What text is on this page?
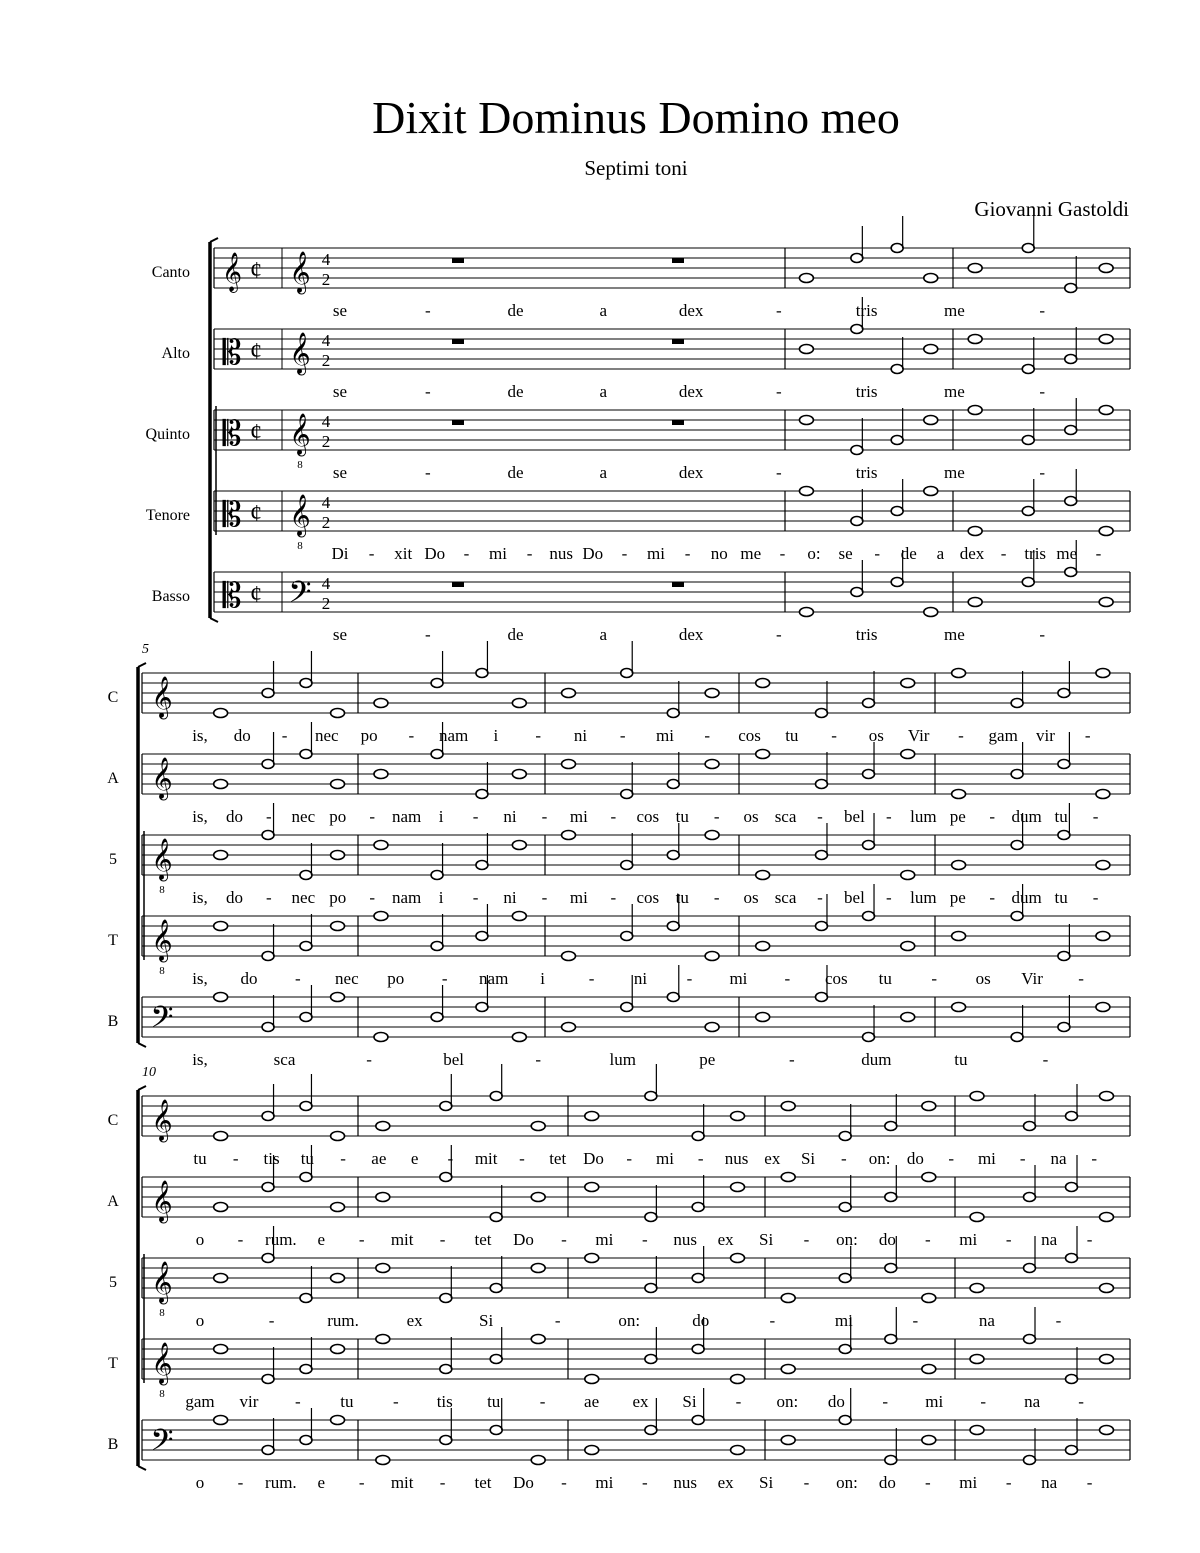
Dixit Dominus Domino meo
Septimi toni
Giovanni Gastoldi
Canto 𝄞 ¢ 𝄞 4
2
se	-	de	a	dex	-	tris	me	-
Alto 𝄡 ¢ 𝄞 4
2
se	-	de	a	dex	-	tris	me	-
Quinto 𝄡 ¢ 𝄞 4
2
8 se	-	de	a	dex	-	tris	me	-
Tenore 𝄡 ¢ 𝄞 4
2
8 Di - xit Do - mi - nus Do - mi - no me - o: se - de a dex - tris me -
Basso 𝄡 ¢ 𝄢 4
2
se	-	de	a	dex	-	tris	me	-
5
C 𝄞
is, do - nec po - nam i - ni - mi - cos tu - os Vir - gam vir -
A 𝄞
is, do - nec po - nam i - ni - mi - cos tu - os sca - bel - lum pe - dum tu -
5 𝄞
8 is, do - nec po - nam i - ni - mi - cos tu - os sca - bel - lum pe - dum tu -
T 𝄞
8 is, do - nec po - nam i	- ni - mi - cos tu - os Vir -
B 𝄢
is,	sca	-	bel	-	lum	pe	-	dum	tu	-
10
C 𝄞
tu - tis tu - ae e - mit - tet Do - mi - nus ex Si - on: do - mi - na -
A 𝄞
o - rum. e - mit - tet Do - mi - nus ex Si - on: do - mi - na -
5 𝄞
8 o	-	rum.	ex	Si	-	on:	do	-	mi	-	na	-
T 𝄞
8 gam vir - tu - tis tu - ae ex Si - on: do - mi - na -
B 𝄢
o - rum. e - mit - tet Do - mi - nus ex Si - on: do - mi - na -
